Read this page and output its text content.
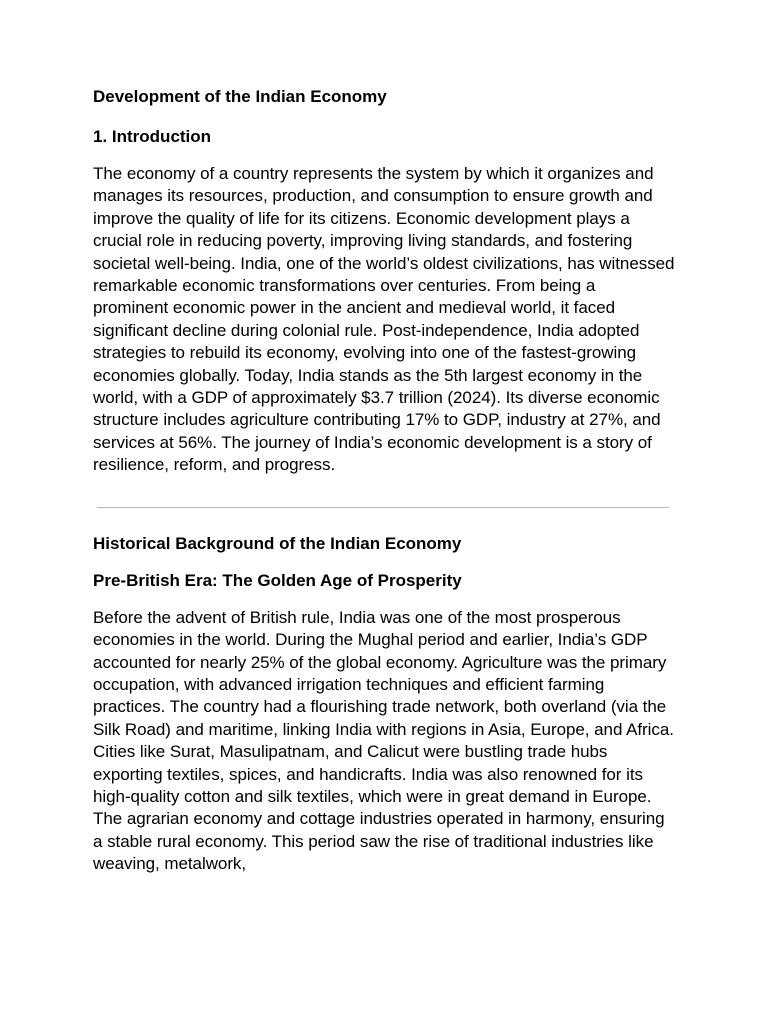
Development of the Indian Economy
1. Introduction

The economy of a country represents the system by which it organizes and manages its resources, production, and consumption to ensure growth and improve the quality of life for its citizens. Economic development plays a crucial role in reducing poverty, improving living standards, and fostering societal well-being. India, one of the world’s oldest civilizations, has witnessed remarkable economic transformations over centuries. From being a prominent economic power in the ancient and medieval world, it faced significant decline during colonial rule. Post-independence, India adopted strategies to rebuild its economy, evolving into one of the fastest-growing economies globally. Today, India stands as the 5th largest economy in the world, with a GDP of approximately $3.7 trillion (2024). Its diverse economic structure includes agriculture contributing 17% to GDP, industry at 27%, and services at 56%. The journey of India’s economic development is a story of resilience, reform, and progress.

Historical Background of the Indian Economy
Pre-British Era: The Golden Age of Prosperity

Before the advent of British rule, India was one of the most prosperous economies in the world. During the Mughal period and earlier, India’s GDP accounted for nearly 25% of the global economy. Agriculture was the primary occupation, with advanced irrigation techniques and efficient farming practices. The country had a flourishing trade network, both overland (via the Silk Road) and maritime, linking India with regions in Asia, Europe, and Africa. Cities like Surat, Masulipatnam, and Calicut were bustling trade hubs exporting textiles, spices, and handicrafts. India was also renowned for its high-quality cotton and silk textiles, which were in great demand in Europe. The agrarian economy and cottage industries operated in harmony, ensuring a stable rural economy. This period saw the rise of traditional industries like weaving, metalwork,
